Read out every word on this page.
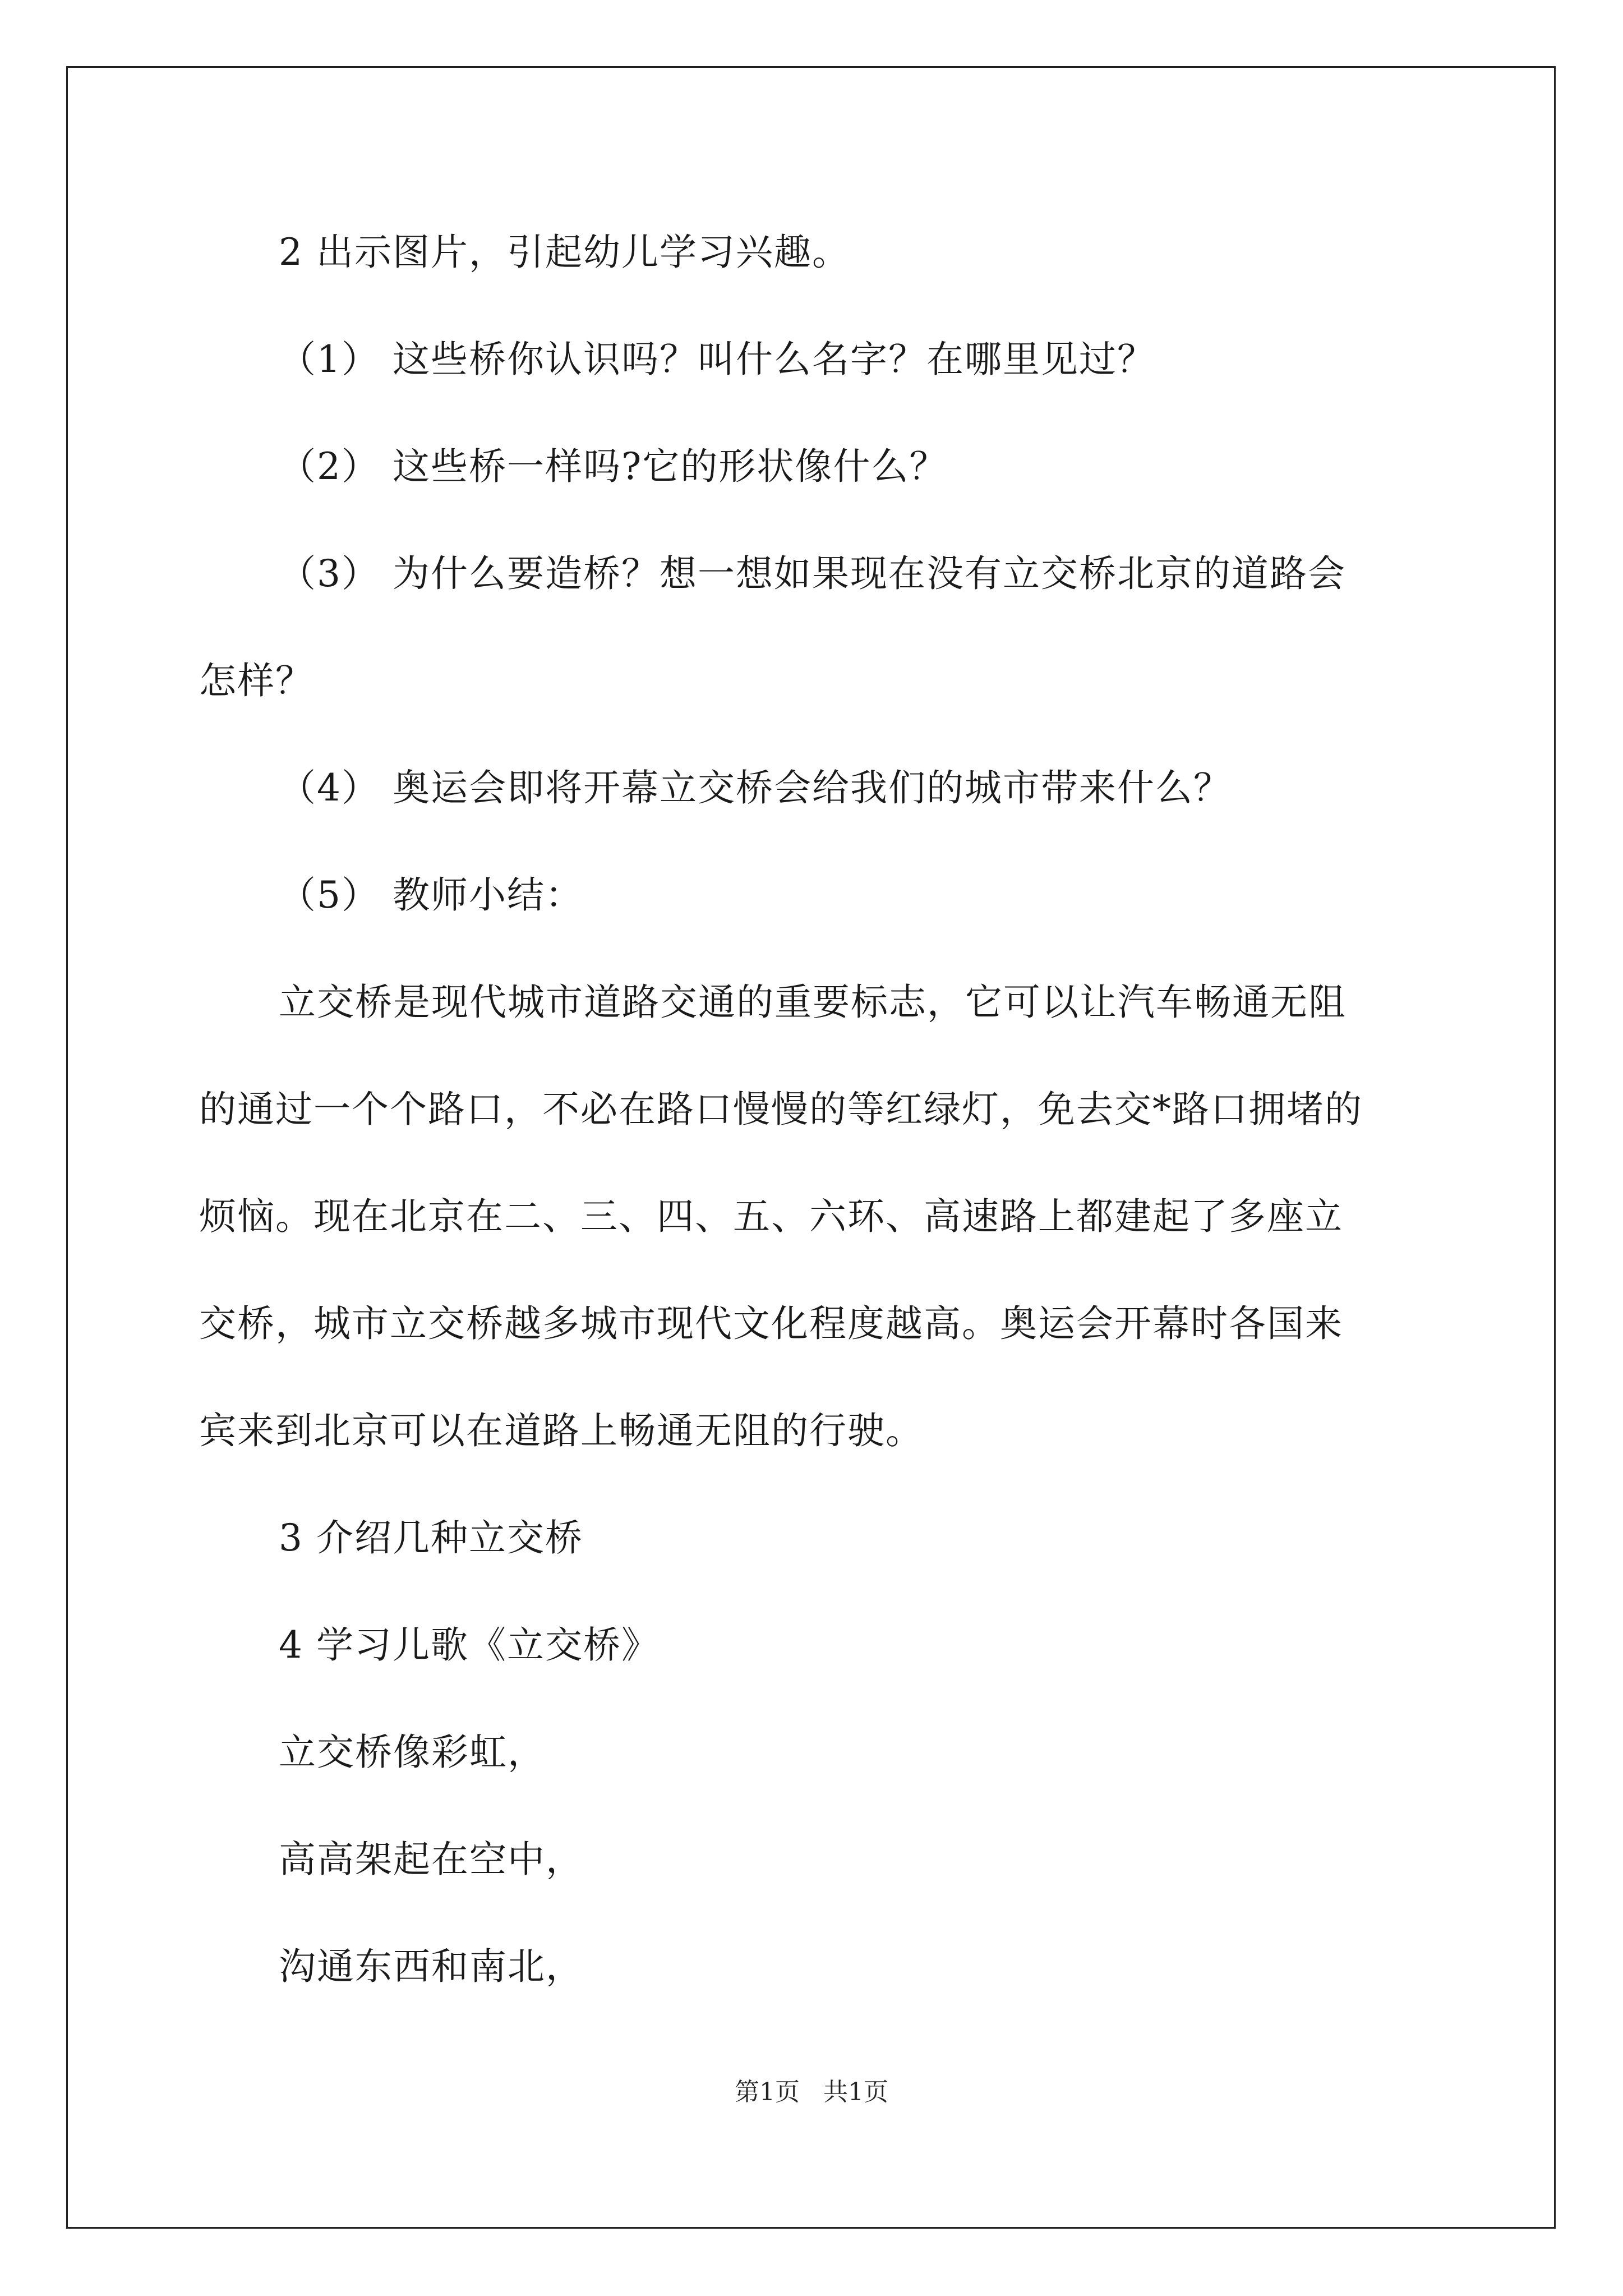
2 出示图片，引起幼儿学习兴趣。
（1） 这些桥你认识吗？叫什么名字？在哪里见过？
（2） 这些桥一样吗?它的形状像什么？
（3） 为什么要造桥？想一想如果现在没有立交桥北京的道路会
怎样？
（4） 奥运会即将开幕立交桥会给我们的城市带来什么？
（5） 教师小结：
立交桥是现代城市道路交通的重要标志，它可以让汽车畅通无阻
的通过一个个路口，不必在路口慢慢的等红绿灯，免去交*路口拥堵的
烦恼。现在北京在二、三、四、五、六环、高速路上都建起了多座立
交桥，城市立交桥越多城市现代文化程度越高。奥运会开幕时各国来
宾来到北京可以在道路上畅通无阻的行驶。
3 介绍几种立交桥
4 学习儿歌《立交桥》
立交桥像彩虹，
高高架起在空中，
沟通东西和南北，
第1页 共1页
